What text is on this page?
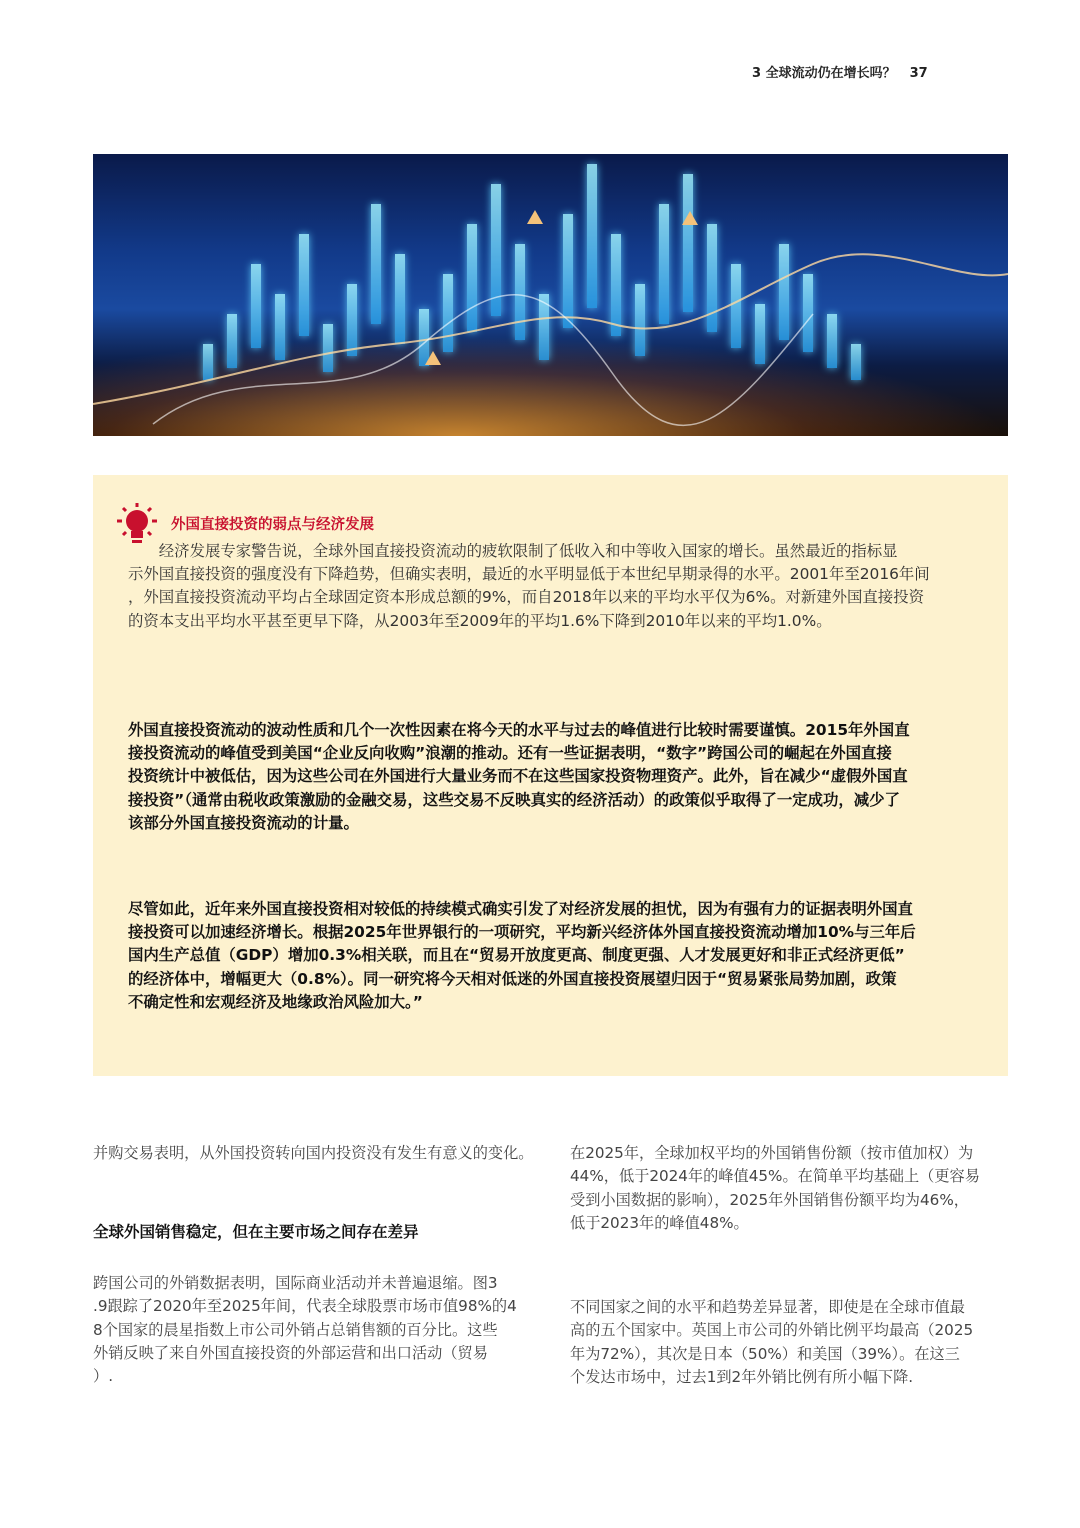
3 全球流动仍在增长吗？ 37
外国直接投资的弱点与经济发展
　　经济发展专家警告说，全球外国直接投资流动的疲软限制了低收入和中等收入国家的增长。虽然最近的指标显
示外国直接投资的强度没有下降趋势，但确实表明，最近的水平明显低于本世纪早期录得的水平。2001年至2016年间
，外国直接投资流动平均占全球固定资本形成总额的9%，而自2018年以来的平均水平仅为6%。对新建外国直接投资
的资本支出平均水平甚至更早下降，从2003年至2009年的平均1.6%下降到2010年以来的平均1.0%。
外国直接投资流动的波动性质和几个一次性因素在将今天的水平与过去的峰值进行比较时需要谨慎。2015年外国直
接投资流动的峰值受到美国“企业反向收购”浪潮的推动。还有一些证据表明，“数字”跨国公司的崛起在外国直接
投资统计中被低估，因为这些公司在外国进行大量业务而不在这些国家投资物理资产。此外，旨在减少“虚假外国直
接投资”（通常由税收政策激励的金融交易，这些交易不反映真实的经济活动）的政策似乎取得了一定成功，减少了
该部分外国直接投资流动的计量。
尽管如此，近年来外国直接投资相对较低的持续模式确实引发了对经济发展的担忧，因为有强有力的证据表明外国直
接投资可以加速经济增长。根据2025年世界银行的一项研究，平均新兴经济体外国直接投资流动增加10%与三年后
国内生产总值（GDP）增加0.3%相关联，而且在“贸易开放度更高、制度更强、人才发展更好和非正式经济更低”
的经济体中，增幅更大（0.8%）。同一研究将今天相对低迷的外国直接投资展望归因于“贸易紧张局势加剧，政策
不确定性和宏观经济及地缘政治风险加大。”
并购交易表明，从外国投资转向国内投资没有发生有意义的变化。
全球外国销售稳定，但在主要市场之间存在差异
跨国公司的外销数据表明，国际商业活动并未普遍退缩。图3
.9跟踪了2020年至2025年间，代表全球股票市场市值98%的4
8个国家的晨星指数上市公司外销占总销售额的百分比。这些
外销反映了来自外国直接投资的外部运营和出口活动（贸易
）.
在2025年，全球加权平均的外国销售份额（按市值加权）为
44%，低于2024年的峰值45%。在简单平均基础上（更容易
受到小国数据的影响），2025年外国销售份额平均为46%，
低于2023年的峰值48%。
不同国家之间的水平和趋势差异显著，即使是在全球市值最
高的五个国家中。英国上市公司的外销比例平均最高（2025
年为72%），其次是日本（50%）和美国（39%）。在这三
个发达市场中，过去1到2年外销比例有所小幅下降.
